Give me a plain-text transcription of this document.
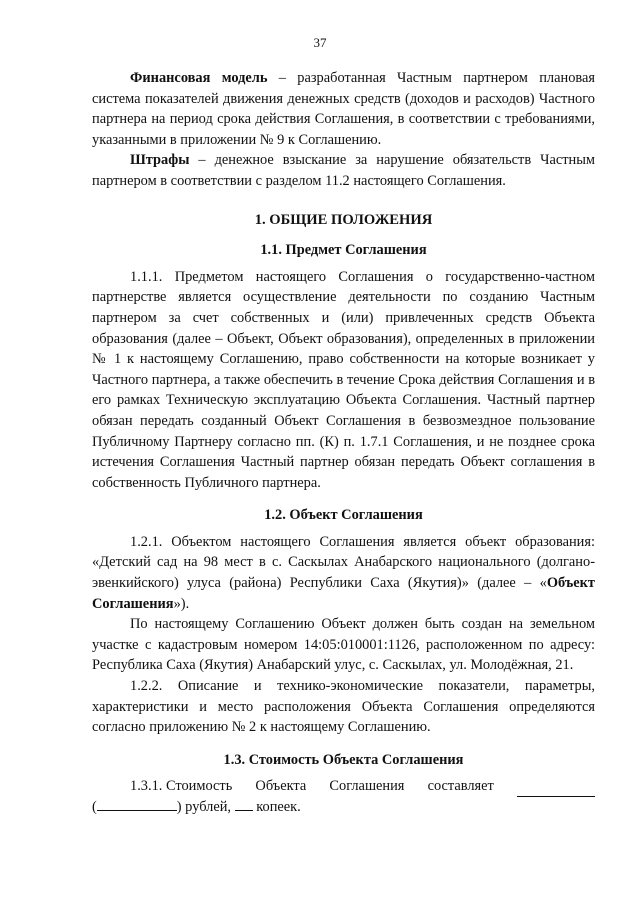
37

Финансовая модель – разработанная Частным партнером плановая система показателей движения денежных средств (доходов и расходов) Частного партнера на период срока действия Соглашения, в соответствии с требованиями, указанными в приложении № 9 к Соглашению.

Штрафы – денежное взыскание за нарушение обязательств Частным партнером в соответствии с разделом 11.2 настоящего Соглашения.

1. ОБЩИЕ ПОЛОЖЕНИЯ
1.1. Предмет Соглашения

1.1.1. Предметом настоящего Соглашения о государственно-частном партнерстве является осуществление деятельности по созданию Частным партнером за счет собственных и (или) привлеченных средств Объекта образования (далее – Объект, Объект образования), определенных в приложении № 1 к настоящему Соглашению, право собственности на которые возникает у Частного партнера, а также обеспечить в течение Срока действия Соглашения и в его рамках Техническую эксплуатацию Объекта Соглашения. Частный партнер обязан передать созданный Объект Соглашения в безвозмездное пользование Публичному Партнеру согласно пп. (К) п. 1.7.1 Соглашения, и не позднее срока истечения Соглашения Частный партнер обязан передать Объект соглашения в собственность Публичного партнера.

1.2. Объект Соглашения

1.2.1. Объектом настоящего Соглашения является объект образования: «Детский сад на 98 мест в с. Саскылах Анабарского национального (долгано-эвенкийского) улуса (района) Республики Саха (Якутия)» (далее – «Объект Соглашения»).

По настоящему Соглашению Объект должен быть создан на земельном участке с кадастровым номером 14:05:010001:1126, расположенном по адресу: Республика Саха (Якутия) Анабарский улус, с. Саскылах, ул. Молодёжная, 21.

1.2.2. Описание и технико-экономические показатели, параметры, характеристики и место расположения Объекта Соглашения определяются согласно приложению № 2 к настоящему Соглашению.

1.3. Стоимость Объекта Соглашения
1.3.1. Стоимость Объекта Соглашения составляет

(	) рублей, копеек.
